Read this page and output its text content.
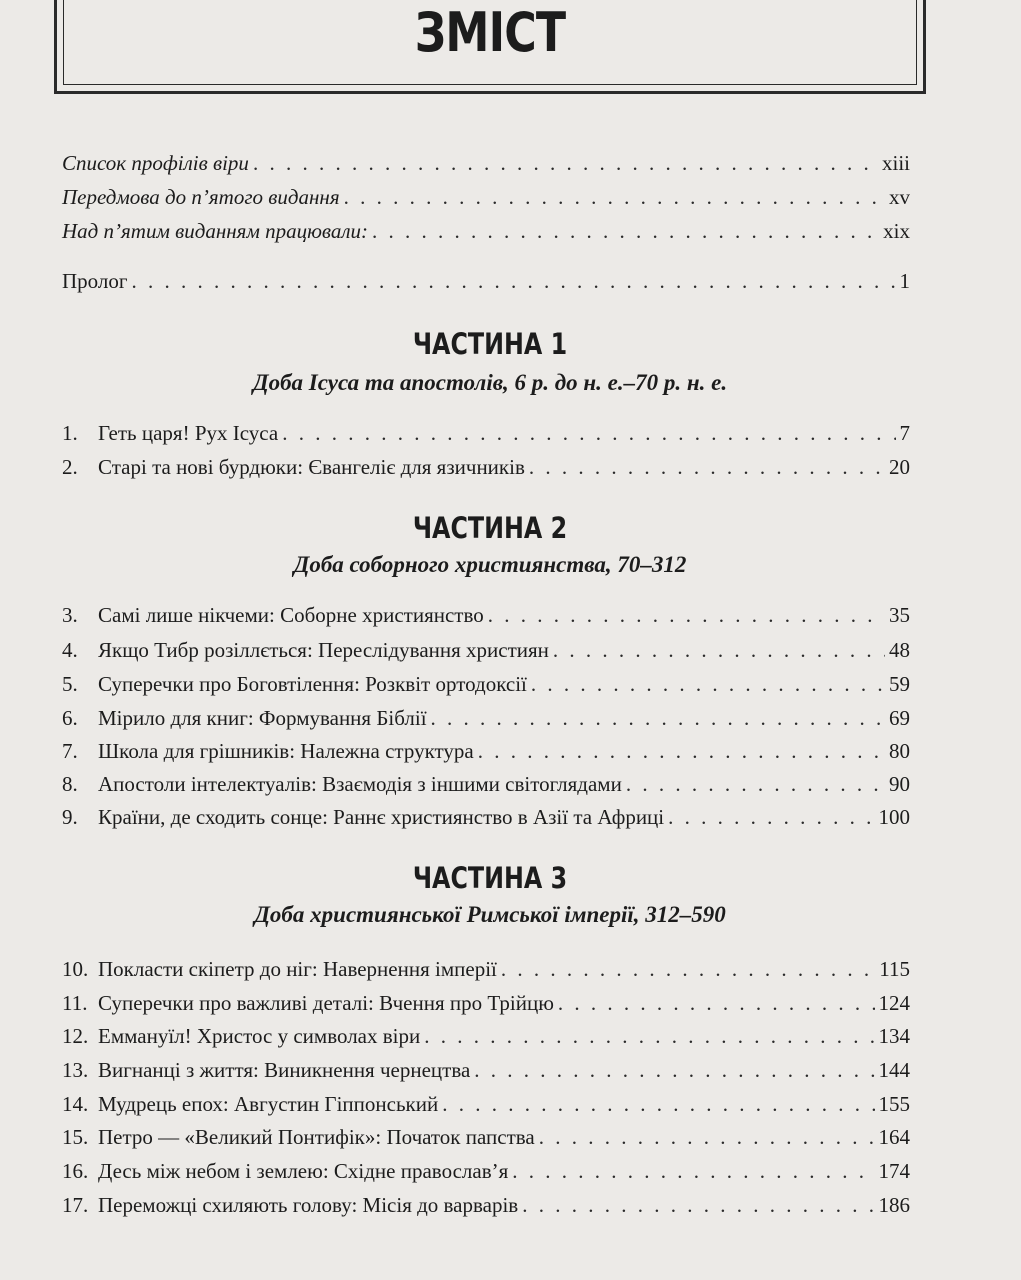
ЗМІСТ
Список профілів віри . . .	xiii
Передмова до п’ятого видання . . .	xv
Над п’ятим виданням працювали: . . .	xix
Пролог . . .	1
ЧАСТИНА 1
Доба Ісуса та апостолів, 6 р. до н. е.–70 р. н. е.
1. Геть царя! Рух Ісуса . . .	7
2. Старі та нові бурдюки: Євангеліє для язичників . . .	20
ЧАСТИНА 2
Доба соборного християнства, 70–312
3. Самі лише нікчеми: Соборне християнство . . .	35
4. Якщо Тибр розіллється: Переслідування християн . . .	48
5. Суперечки про Боговтілення: Розквіт ортодоксії . . .	59
6. Мірило для книг: Формування Біблії . . .	69
7. Школа для грішників: Належна структура . . .	80
8. Апостоли інтелектуалів: Взаємодія з іншими світоглядами . . .	90
9. Країни, де сходить сонце: Раннє християнство в Азії та Африці . . .	100
ЧАСТИНА 3
Доба християнської Римської імперії, 312–590
10. Покласти скіпетр до ніг: Навернення імперії . . .	115
11. Суперечки про важливі деталі: Вчення про Трійцю . . .	124
12. Еммануїл! Христос у символах віри . . .	134
13. Вигнанці з життя: Виникнення чернецтва . . .	144
14. Мудрець епох: Августин Гіппонський . . .	155
15. Петро — «Великий Понтифік»: Початок папства . . .	164
16. Десь між небом і землею: Східне православ’я . . .	174
17. Переможці схиляють голову: Місія до варварів . . .	186
